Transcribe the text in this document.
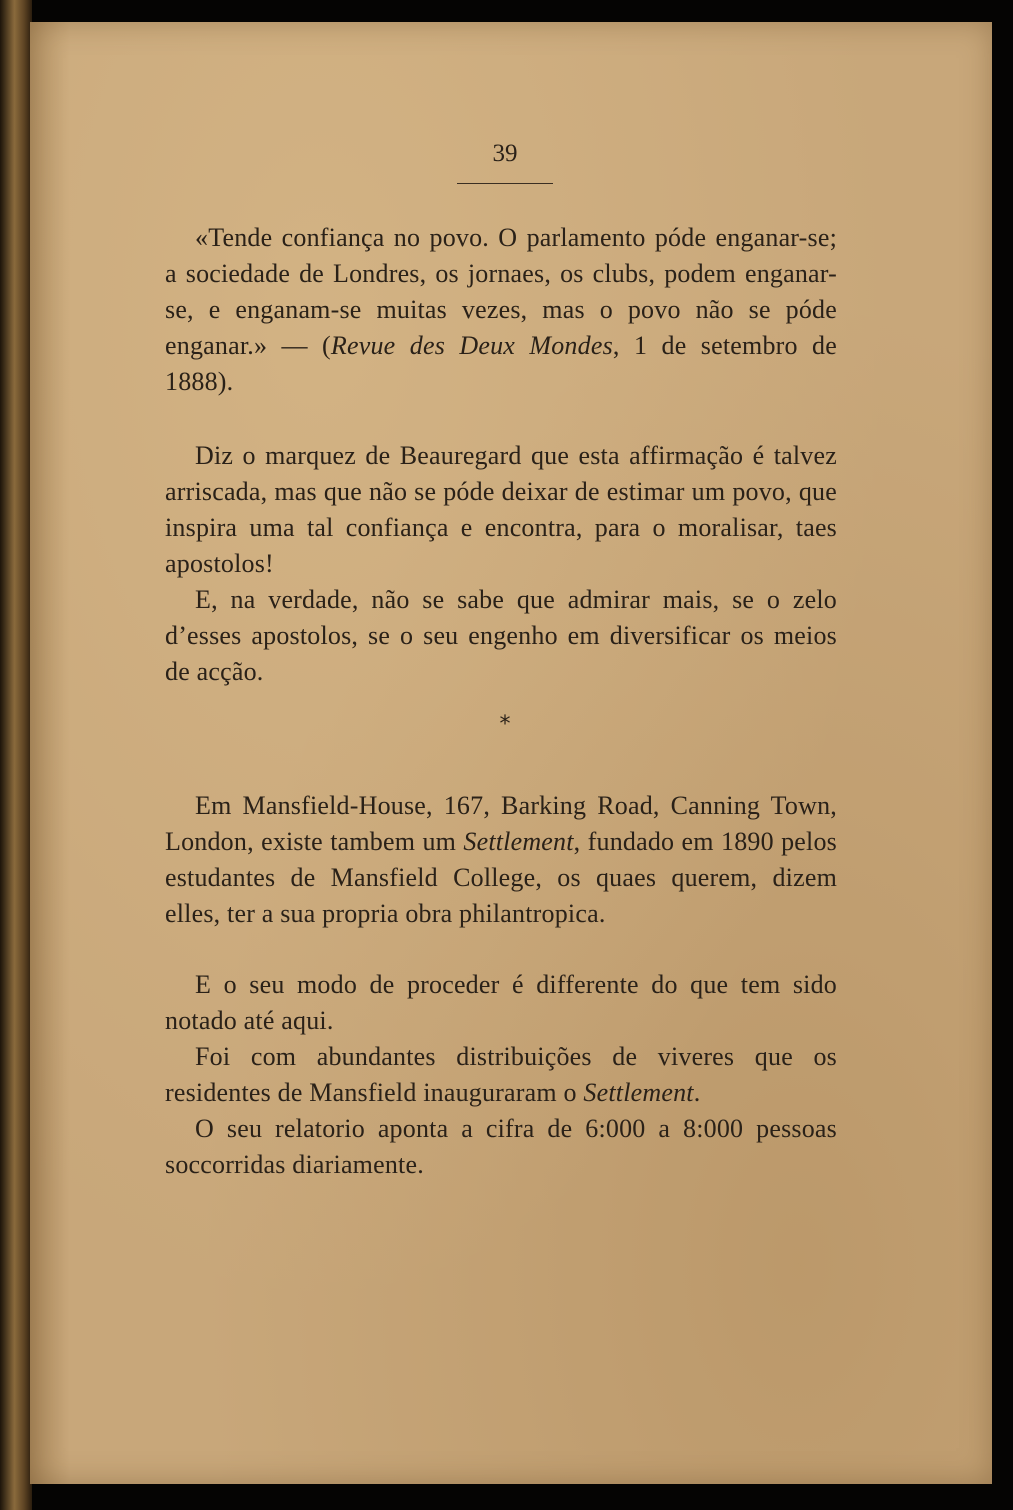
39
«Tende confiança no povo. O parlamento póde enganar-se; a sociedade de Londres, os jornaes, os clubs, podem enganar-se, e enganam-se muitas vezes, mas o povo não se póde enganar.» — (Revue des Deux Mondes, 1 de setembro de 1888).
Diz o marquez de Beauregard que esta affirmação é talvez arriscada, mas que não se póde deixar de estimar um povo, que inspira uma tal confiança e encontra, para o moralisar, taes apostolos!
E, na verdade, não se sabe que admirar mais, se o zelo d’esses apostolos, se o seu engenho em diversificar os meios de acção.
*
Em Mansfield-House, 167, Barking Road, Canning Town, London, existe tambem um Settlement, fundado em 1890 pelos estudantes de Mansfield College, os quaes querem, dizem elles, ter a sua propria obra philantropica.
E o seu modo de proceder é differente do que tem sido notado até aqui.
Foi com abundantes distribuições de viveres que os residentes de Mansfield inauguraram o Settlement.
O seu relatorio aponta a cifra de 6:000 a 8:000 pessoas soccorridas diariamente.
